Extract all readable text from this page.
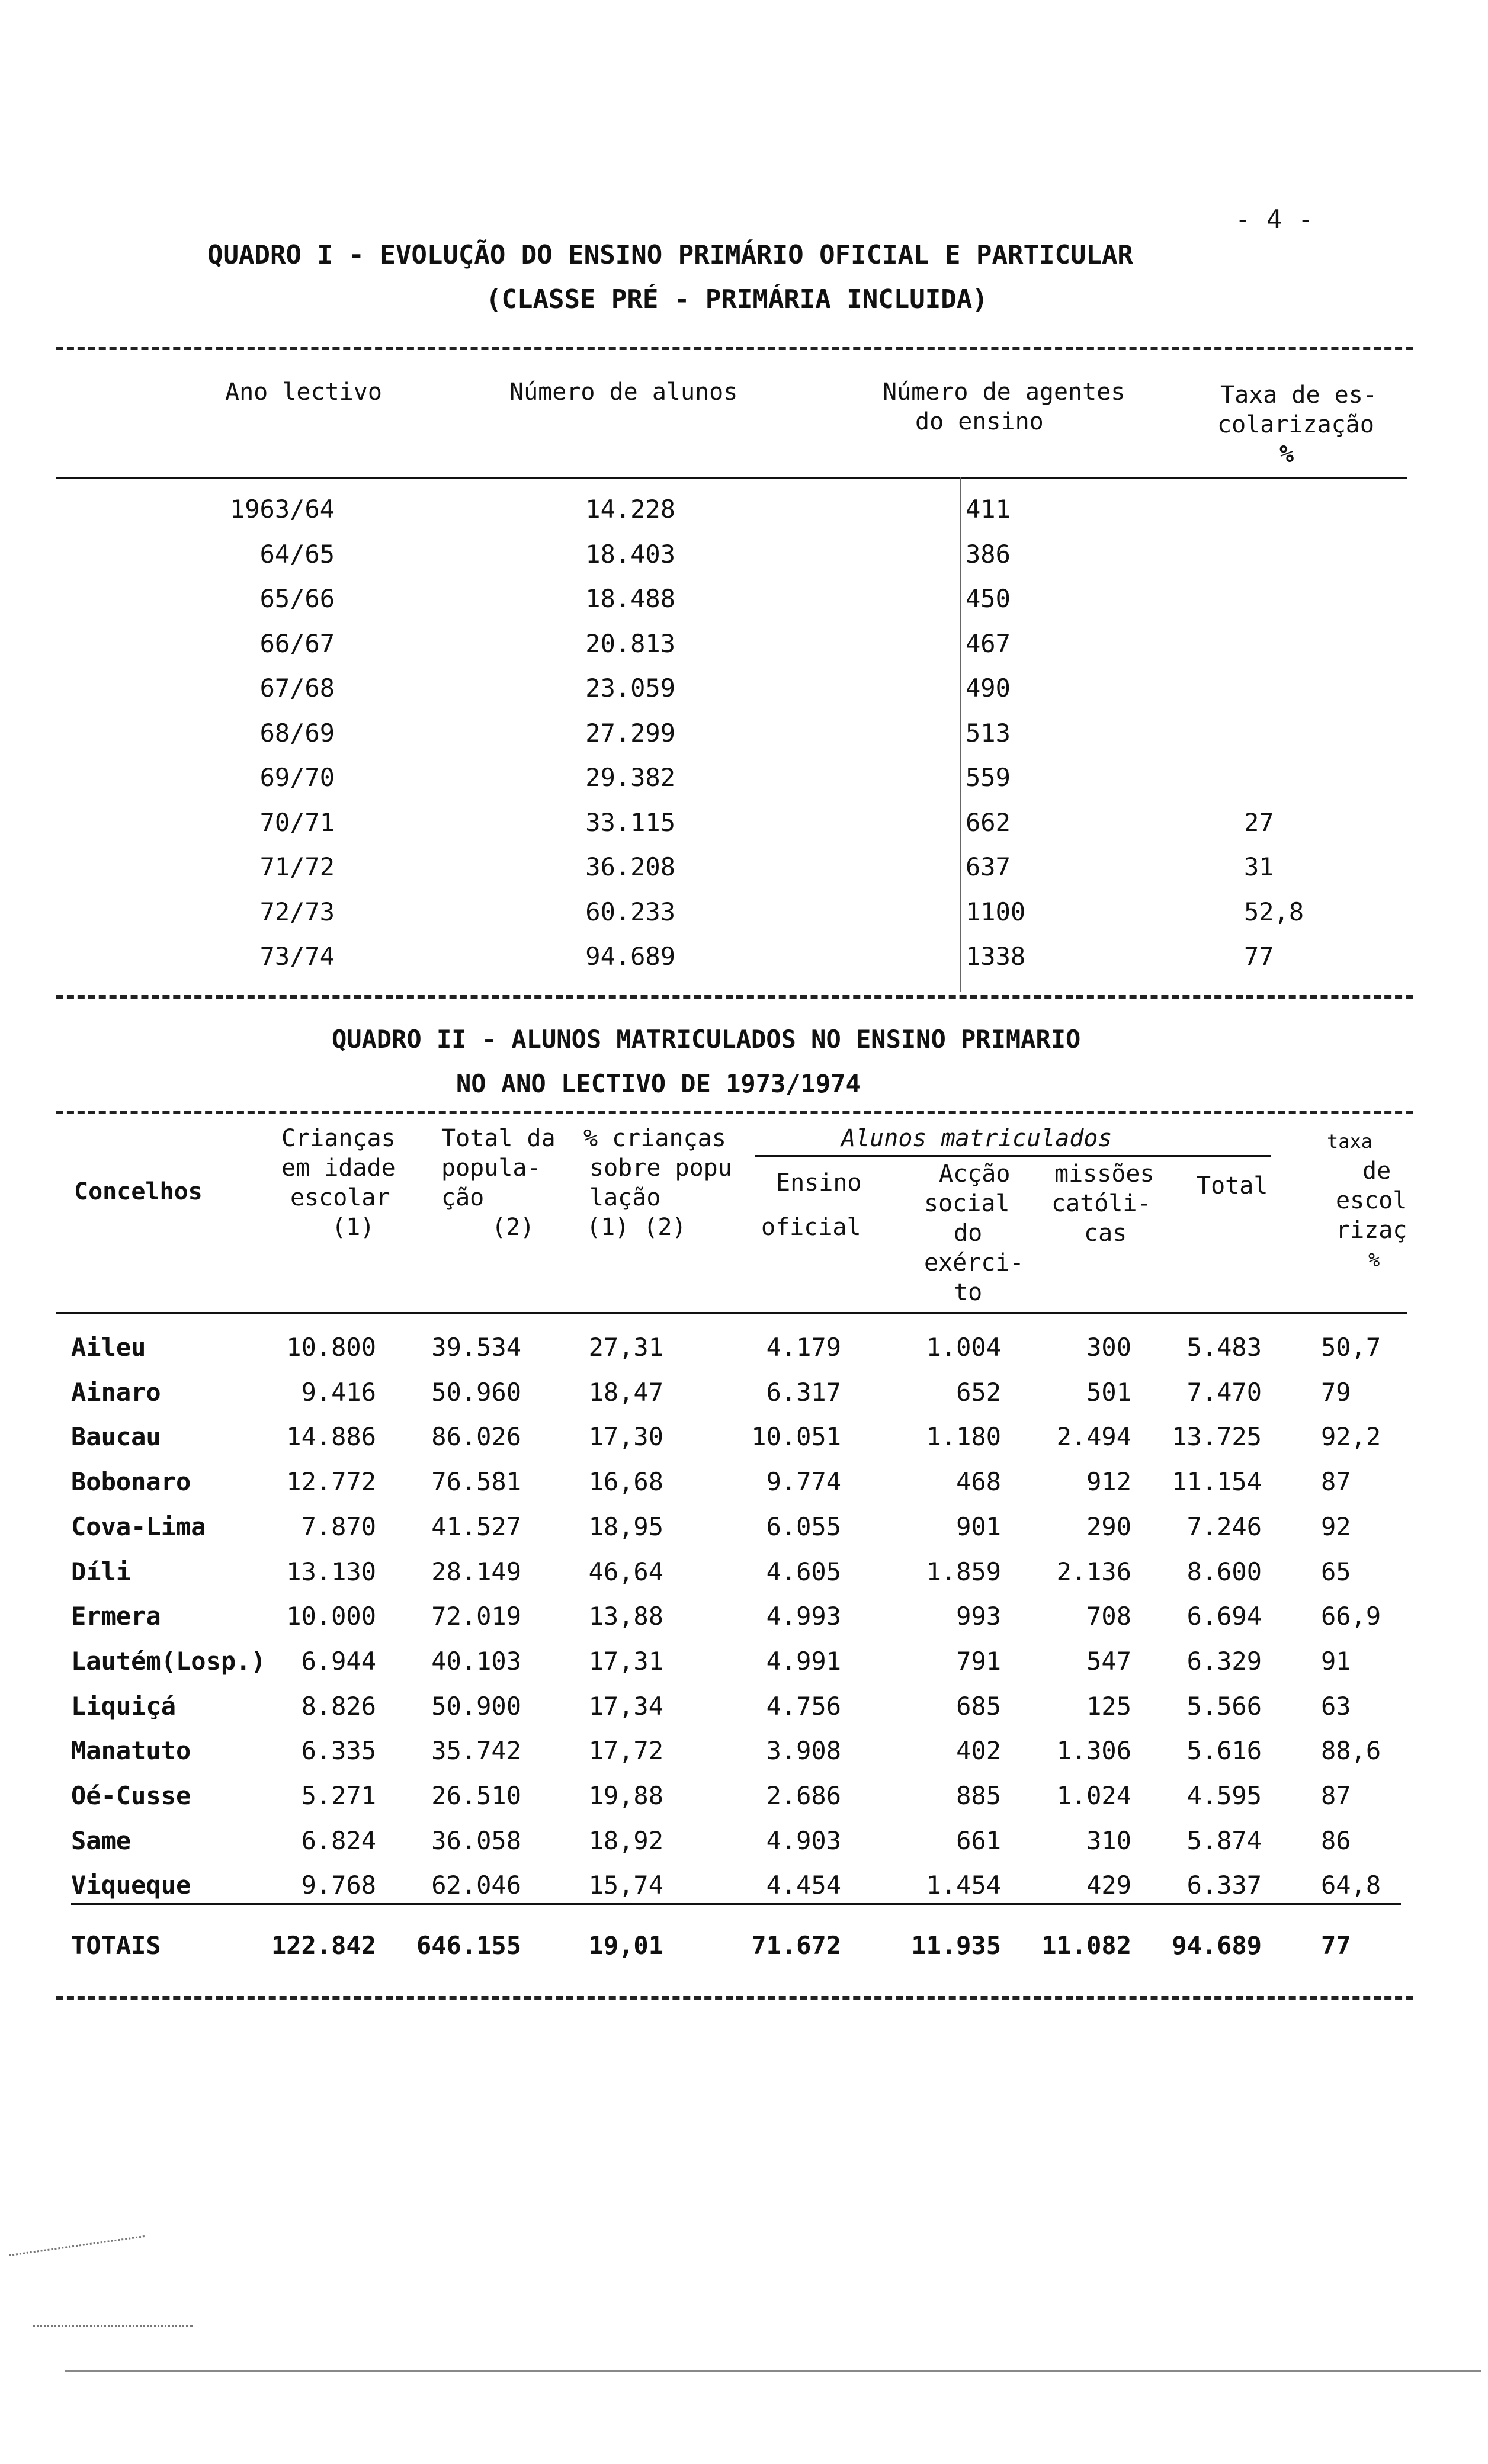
- 4 -
QUADRO I - EVOLUÇÃO DO ENSINO PRIMÁRIO OFICIAL E PARTICULAR
(CLASSE PRÉ - PRIMÁRIA INCLUIDA)
Ano lectivo	Número de alunos	Número de agentes
do ensino
Taxa de es-
colarização
%
1963/64	14.228	411
64/65	18.403	386
65/66	18.488	450
66/67	20.813	467
67/68	23.059	490
68/69	27.299	513
69/70	29.382	559
70/71	33.115	662	27
71/72	36.208	637	31
72/73	60.233	1100	52,8
73/74	94.689	1338	77
QUADRO II - ALUNOS MATRICULADOS NO ENSINO PRIMARIO
NO ANO LECTIVO DE 1973/1974
Concelhos
Crianças
em idade
escolar
(1)
Total da
popula-
ção
(2)
% crianças
sobre popu
lação
(1) (2)
Alunos matriculados
Ensino
oficial
Acção
social
do
exérci-
to
missões
católi-
cas
Total
taxa
de
escol
rizaç
%
Aileu	10.800	39.534	27,31	4.179	1.004	300	5.483 50,7
Ainaro	9.416	50.960	18,47	6.317	652	501	7.470 79
Baucau	14.886	86.026	17,30	10.051	1.180	2.494	13.725 92,2
Bobonaro	12.772	76.581	16,68	9.774	468	912	11.154 87
Cova-Lima	7.870	41.527	18,95	6.055	901	290	7.246 92
Díli	13.130	28.149	46,64	4.605	1.859	2.136	8.600 65
Ermera	10.000	72.019	13,88	4.993	993	708	6.694 66,9
Lautém(Losp.)	6.944	40.103	17,31	4.991	791	547	6.329 91
Liquiçá	8.826	50.900	17,34	4.756	685	125	5.566 63
Manatuto	6.335	35.742	17,72	3.908	402	1.306	5.616 88,6
Oé-Cusse	5.271	26.510	19,88	2.686	885	1.024	4.595 87
Same	6.824	36.058	18,92	4.903	661	310	5.874 86
Viqueque	9.768	62.046	15,74	4.454	1.454	429	6.337 64,8
TOTAIS	122.842	646.155	19,01	71.672	11.935	11.082	94.689 77
